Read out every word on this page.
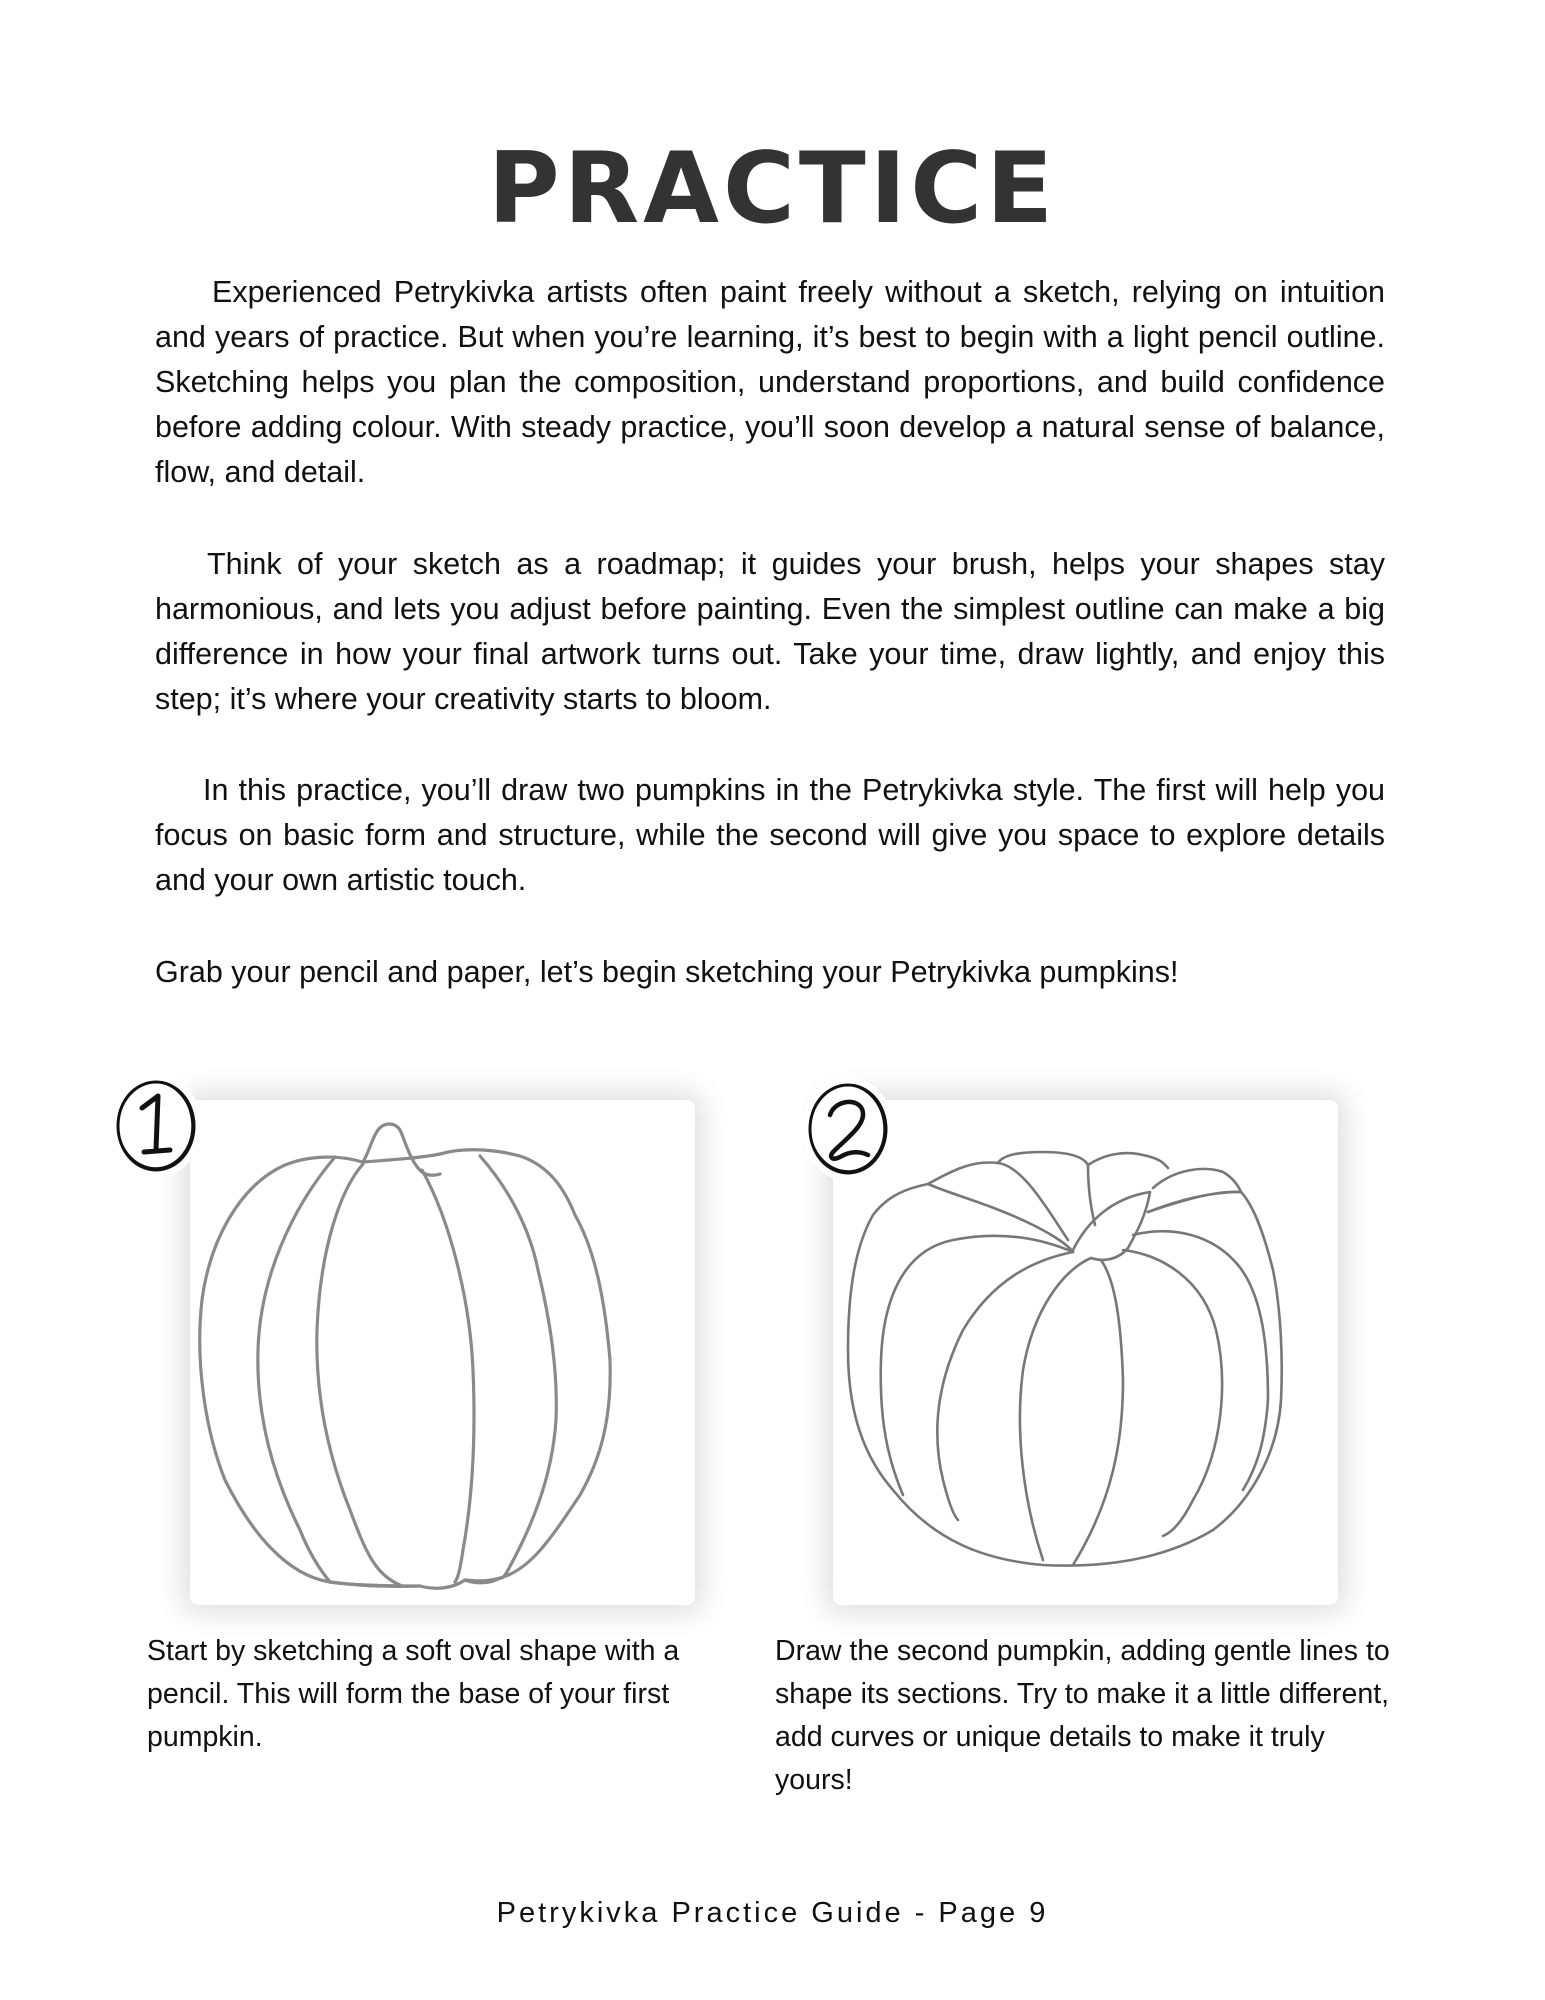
PRACTICE

Experienced Petrykivka artists often paint freely without a sketch, relying on intuition and years of practice. But when you’re learning, it’s best to begin with a light pencil outline. Sketching helps you plan the composition, understand proportions, and build confidence before adding colour. With steady practice, you’ll soon develop a natural sense of balance, flow, and detail.

Think of your sketch as a roadmap; it guides your brush, helps your shapes stay harmonious, and lets you adjust before painting. Even the simplest outline can make a big difference in how your final artwork turns out. Take your time, draw lightly, and enjoy this step; it’s where your creativity starts to bloom.

In this practice, you’ll draw two pumpkins in the Petrykivka style. The first will help you focus on basic form and structure, while the second will give you space to explore details and your own artistic touch.

Grab your pencil and paper, let’s begin sketching your Petrykivka pumpkins!

Start by sketching a soft oval shape with a pencil. This will form the base of your first pumpkin.
Draw the second pumpkin, adding gentle lines to shape its sections. Try to make it a little different, add curves or unique details to make it truly yours!
Petrykivka Practice Guide - Page 9
